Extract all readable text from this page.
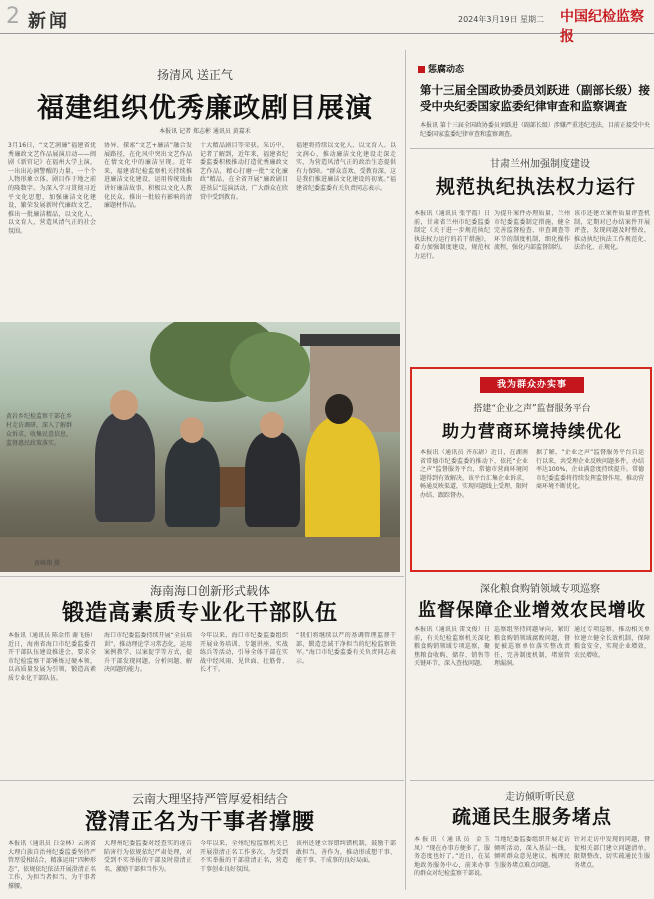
2 新闻	2024年3月19日 星期二 中国纪检监察报
扬清风 送正气
福建组织优秀廉政剧目展演
本报讯 记者 郑志彬 通讯员 黄嘉禾
3月16日，“文艺润廉”福建省优秀廉政文艺作品展演启动——闽剧《新官记》在福州大学上演，一出出沁润警醒的力量，一个个人物形象立体。剧目作于地之前的隆数字。为深入学习贯彻习近平文化思想，加强廉洁文化建设，繁荣发展新时代廉政文艺，推出一批廉洁精品，以文化人、以文育人，营造风清气正的社会氛围。
协异、探索“文艺+廉洁”融合发展路径，在化风中突出文艺作品在情文化中的廉洁呈现。近年来，福建省纪检监察机关持续推进廉洁文化建设，运用传统戏曲讲好廉洁故事，积极以文化人教化民众，推出一批较有影响的清廉题材作品。
十大精品剧目等荣获。采访中，记者了解到，近年来，福建省纪委监委积极推动打造优秀廉政文艺作品，精心打磨一批“文化廉政”精品，在全省开展“廉政剧目进基层”巡演活动，广大群众在欣赏中受到教育。
福建将持续以文化人、以文育人、以文润心，推动廉洁文化建设走深走实，为营造风清气正的政治生态提供有力保障。“群众喜欢、受教育深，这是我们推进廉洁文化建设的初衷。”福建省纪委监委有关负责同志表示。
黄岩乡纪检监察干部在乡村走访调研，深入了解群众诉求，收集民意信息，监督惠民政策落实。
黄峰翔 摄
海南海口创新形式载体
锻造高素质专业化干部队伍
本报讯（通讯员 陈金伟 谢飞扬）近日，海南省海口市纪委监委召开干部队伍建设推进会，要求全市纪检监察干部锤炼过硬本领，以高质量发展为引领，锻造高素质专业化干部队伍。
海口市纪委监委持续开展“全员培训”，推动理论学习常态化，运用案例教学、以案促学等方式，提升干部发现问题、分析问题、解决问题的能力。
今年以来，海口市纪委监委组织开展业务培训、专题讲座、实战练兵等活动，引导全体干部在实战中经风雨、见世面、壮筋骨、长才干。
“我们将继续以严的基调管理监督干部，锻造忠诚干净担当的纪检监察铁军。”海口市纪委监委有关负责同志表示。
云南大理坚持严管厚爱相结合
澄清正名为干事者撑腰
本报讯（通讯员 白金林）云南省大理白族自治州纪委监委坚持严管厚爱相结合，精准运用“四种形态”，依规依纪依法开展澄清正名工作，为担当者担当、为干事者撑腰。
大理州纪委监委对经查实的诬告陷害行为依规依纪严肃处理，对受到不实举报的干部及时澄清正名，激励干部担当作为。
今年以来，全州纪检监察机关已开展澄清正名工作多次，为受到不实举报的干部澄清正名，营造干事创业良好氛围。
该州还建立容错纠错机制，鼓励干部敢担当、善作为，推动形成想干事、能干事、干成事的良好局面。
惩腐动态
第十三届全国政协委员刘跃进（副部长级）接受中央纪委国家监委纪律审查和监察调查
本报讯 第十三届全国政协委员刘跃进（副部长级）涉嫌严重违纪违法，目前正接受中央纪委国家监委纪律审查和监察调查。
甘肃兰州加强制度建设
规范执纪执法权力运行
本报讯（通讯员 张宇霞）日前，甘肃省兰州市纪委监委制定《关于进一步规范执纪执法权力运行的若干措施》，着力加强制度建设，规范权力运行。
为提升案件办理质量，兰州市纪委监委制定措施，健全完善监督检查、审查调查等环节的制度机制，细化操作流程，强化内部监督制约。
该市还建立案件质量评查机制，定期对已办结案件开展评查，发现问题及时整改，推动执纪执法工作规范化、法治化、正规化。
我为群众办实事
搭建“企业之声”监督服务平台
助力营商环境持续优化
本报讯（通讯员 齐东尉）近日，在湖南省常德市纪委监委的推动下，依托“企业之声”监督服务平台，常德市营商环境问题得到有效解决。该平台汇集企业诉求，畅通反映渠道，实现问题线上受理、限时办结、跟踪督办。
据了解，“企业之声”监督服务平台自运行以来，共受理企业反映问题多件，办结率达100%，企业满意度持续提升。常德市纪委监委将持续发挥监督作用，推动营商环境不断优化。
深化粮食购销领域专项巡察
监督保障企业增效农民增收
本报讯（通讯员 雷文俊）日前，有关纪检监察机关深化粮食购销领域专项巡察，聚焦粮食收购、储存、销售等关键环节，深入查找问题。
巡察组坚持问题导向，紧盯粮食购销领域腐败问题，督促被巡察单位落实整改责任，完善制度机制，堵塞管理漏洞。
通过专项巡察，推动相关单位建立健全长效机制，保障粮食安全，实现企业增效、农民增收。
走访倾听听民意
疏通民生服务堵点
本报讯（通讯员 金玉凤）“现在办事方便多了，服务态度也好了。”近日，在某地政务服务中心，前来办事的群众对纪检监察干部说。
当地纪委监委组织开展走访倾听活动，深入基层一线，倾听群众意见建议，梳理民生服务堵点难点问题。
针对走访中发现的问题，督促相关部门建立问题清单，限期整改，切实疏通民生服务堵点。
